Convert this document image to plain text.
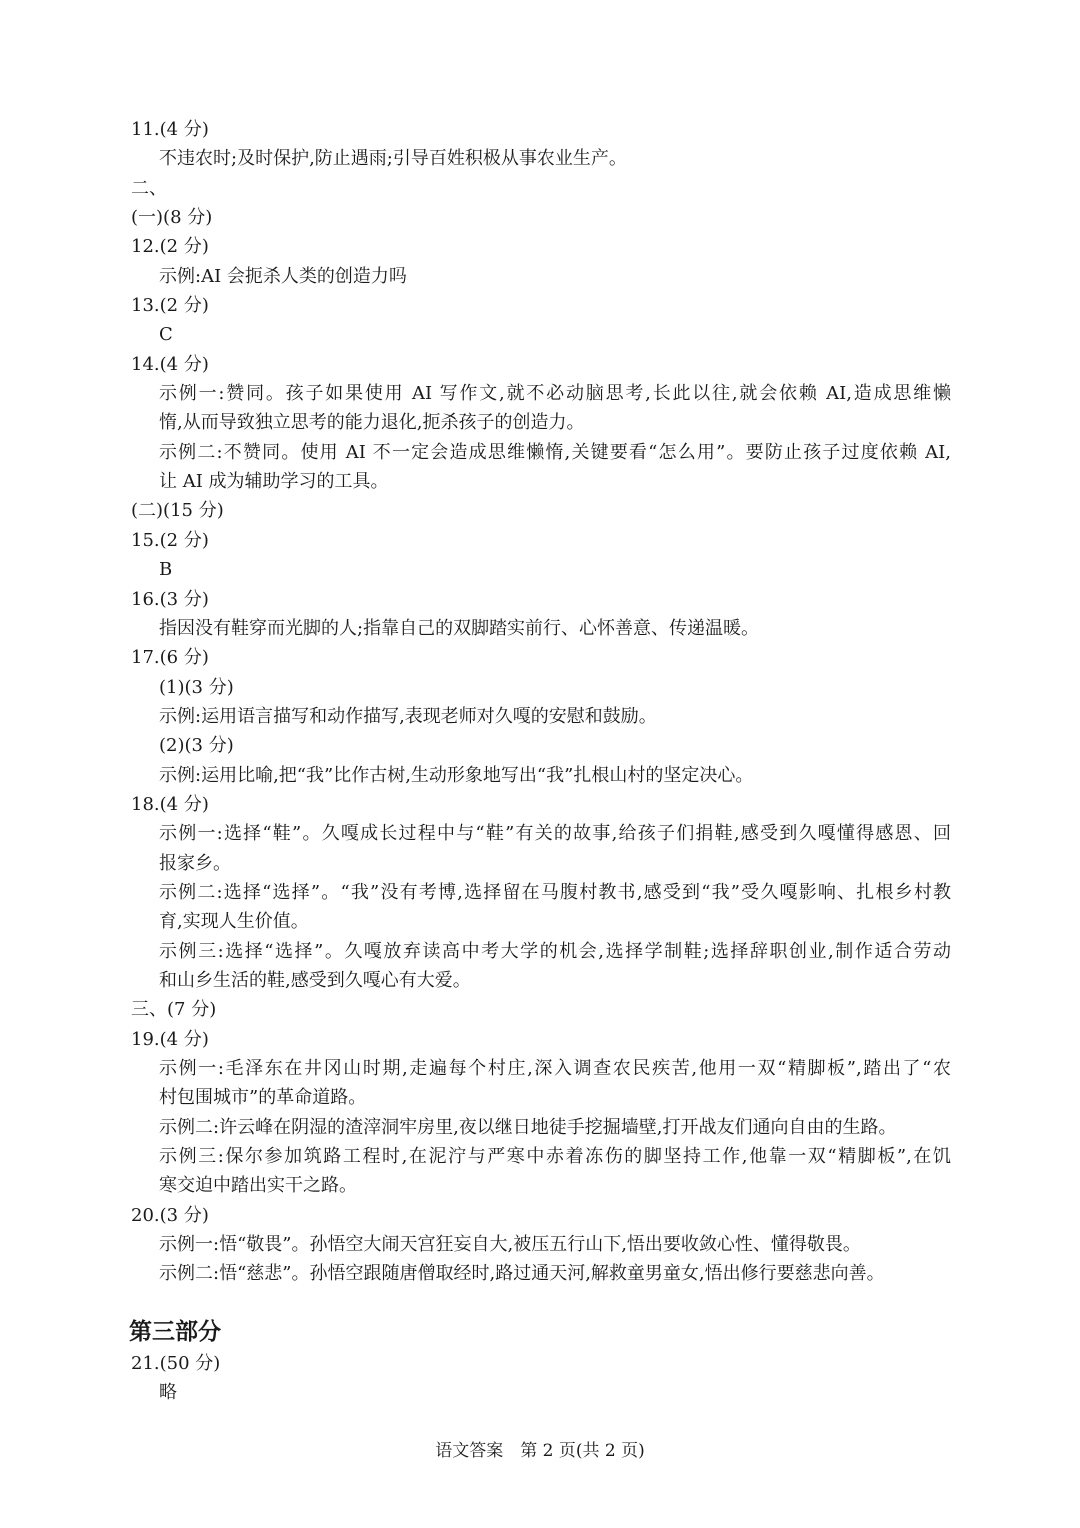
11.(4 分)
不违农时;及时保护,防止遇雨;引导百姓积极从事农业生产。
二、
(一)(8 分)
12.(2 分)
示例:AI 会扼杀人类的创造力吗
13.(2 分)
C
14.(4 分)
示例一:赞同。孩子如果使用 AI 写作文,就不必动脑思考,长此以往,就会依赖 AI,造成思维懒
惰,从而导致独立思考的能力退化,扼杀孩子的创造力。
示例二:不赞同。使用 AI 不一定会造成思维懒惰,关键要看“怎么用”。要防止孩子过度依赖 AI,
让 AI 成为辅助学习的工具。
(二)(15 分)
15.(2 分)
B
16.(3 分)
指因没有鞋穿而光脚的人;指靠自己的双脚踏实前行、心怀善意、传递温暖。
17.(6 分)
(1)(3 分)
示例:运用语言描写和动作描写,表现老师对久嘎的安慰和鼓励。
(2)(3 分)
示例:运用比喻,把“我”比作古树,生动形象地写出“我”扎根山村的坚定决心。
18.(4 分)
示例一:选择“鞋”。久嘎成长过程中与“鞋”有关的故事,给孩子们捐鞋,感受到久嘎懂得感恩、回
报家乡。
示例二:选择“选择”。“我”没有考博,选择留在马腹村教书,感受到“我”受久嘎影响、扎根乡村教
育,实现人生价值。
示例三:选择“选择”。久嘎放弃读高中考大学的机会,选择学制鞋;选择辞职创业,制作适合劳动
和山乡生活的鞋,感受到久嘎心有大爱。
三、(7 分)
19.(4 分)
示例一:毛泽东在井冈山时期,走遍每个村庄,深入调查农民疾苦,他用一双“精脚板”,踏出了“农
村包围城市”的革命道路。
示例二:许云峰在阴湿的渣滓洞牢房里,夜以继日地徒手挖掘墙壁,打开战友们通向自由的生路。
示例三:保尔参加筑路工程时,在泥泞与严寒中赤着冻伤的脚坚持工作,他靠一双“精脚板”,在饥
寒交迫中踏出实干之路。
20.(3 分)
示例一:悟“敬畏”。孙悟空大闹天宫狂妄自大,被压五行山下,悟出要收敛心性、懂得敬畏。
示例二:悟“慈悲”。孙悟空跟随唐僧取经时,路过通天河,解救童男童女,悟出修行要慈悲向善。
第三部分
21.(50 分)
略
语文答案　第 2 页(共 2 页)
